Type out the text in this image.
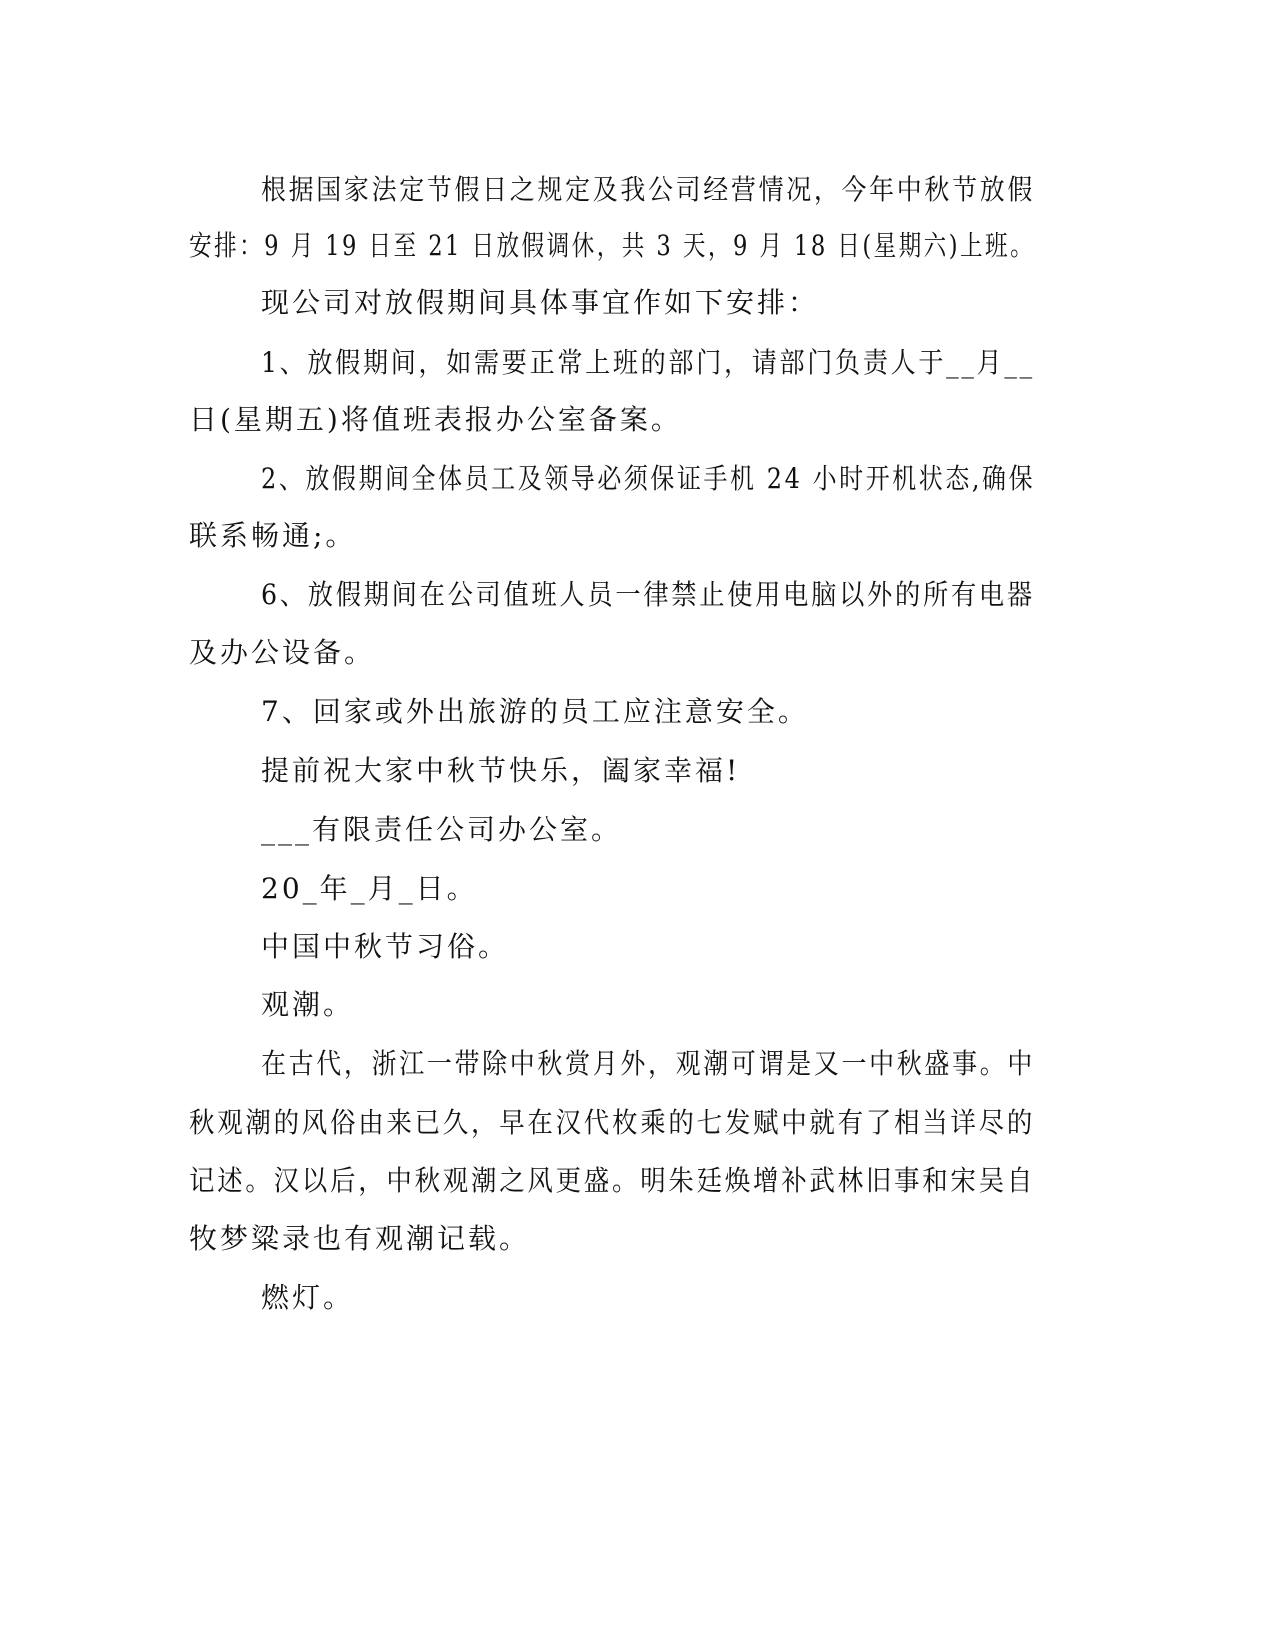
根据国家法定节假日之规定及我公司经营情况，今年中秋节放假
安排：9 月 19 日至 21 日放假调休，共 3 天，9 月 18 日(星期六)上班。
现公司对放假期间具体事宜作如下安排：
1、放假期间，如需要正常上班的部门，请部门负责人于__月__
日(星期五)将值班表报办公室备案。
2、放假期间全体员工及领导必须保证手机 24 小时开机状态,确保
联系畅通;。
6、放假期间在公司值班人员一律禁止使用电脑以外的所有电器
及办公设备。
7、回家或外出旅游的员工应注意安全。
提前祝大家中秋节快乐，阖家幸福!
___有限责任公司办公室。
20_年_月_日。
中国中秋节习俗。
观潮。
在古代，浙江一带除中秋赏月外，观潮可谓是又一中秋盛事。中
秋观潮的风俗由来已久，早在汉代枚乘的七发赋中就有了相当详尽的
记述。汉以后，中秋观潮之风更盛。明朱廷焕增补武林旧事和宋吴自
牧梦粱录也有观潮记载。
燃灯。
